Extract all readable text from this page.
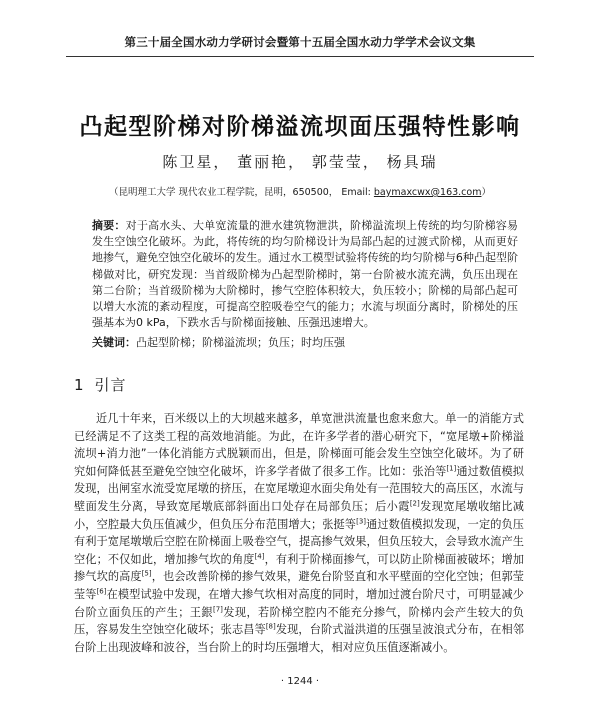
第三十届全国水动力学研讨会暨第十五届全国水动力学学术会议文集
凸起型阶梯对阶梯溢流坝面压强特性影响
陈卫星， 董丽艳， 郭莹莹， 杨具瑞
（昆明理工大学 现代农业工程学院，昆明，650500， Email: baymaxcwx@163.com）
摘要：对于高水头、大单宽流量的泄水建筑物泄洪，阶梯溢流坝上传统的均匀阶梯容易发生空蚀空化破坏。为此，将传统的均匀阶梯设计为局部凸起的过渡式阶梯，从而更好地掺气，避免空蚀空化破坏的发生。通过水工模型试验将传统的均匀阶梯与6种凸起型阶梯做对比，研究发现：当首级阶梯为凸起型阶梯时，第一台阶被水流充满，负压出现在第二台阶；当首级阶梯为大阶梯时，掺气空腔体积较大，负压较小；阶梯的局部凸起可以增大水流的紊动程度，可提高空腔吸卷空气的能力；水流与坝面分离时，阶梯处的压强基本为0 kPa，下跌水舌与阶梯面接触、压强迅速增大。
关键词：凸起型阶梯；阶梯溢流坝；负压；时均压强
1 引言
近几十年来，百米级以上的大坝越来越多，单宽泄洪流量也愈来愈大。单一的消能方式已经满足不了这类工程的高效地消能。为此，在许多学者的潜心研究下，“宽尾墩+阶梯溢流坝+消力池”一体化消能方式脱颖而出，但是，阶梯面可能会发生空蚀空化破坏。为了研究如何降低甚至避免空蚀空化破坏，许多学者做了很多工作。比如：张治等[1]通过数值模拟发现，出闸室水流受宽尾墩的挤压，在宽尾墩迎水面尖角处有一范围较大的高压区，水流与壁面发生分离，导致宽尾墩底部斜面出口处存在局部负压；后小霞[2]发现宽尾墩收缩比减小，空腔最大负压值减少，但负压分布范围增大；张挺等[3]通过数值模拟发现，一定的负压有利于宽尾墩墩后空腔在阶梯面上吸卷空气，提高掺气效果，但负压较大，会导致水流产生空化；不仅如此，增加掺气坎的角度[4]，有利于阶梯面掺气，可以防止阶梯面被破坏；增加掺气坎的高度[5]，也会改善阶梯的掺气效果，避免台阶竖直和水平壁面的空化空蚀；但郭莹莹等[6]在模型试验中发现，在增大掺气坎相对高度的同时，增加过渡台阶尺寸，可明显减少台阶立面负压的产生；王銀[7]发现，若阶梯空腔内不能充分掺气，阶梯内会产生较大的负压，容易发生空蚀空化破坏；张志昌等[8]发现，台阶式溢洪道的压强呈波浪式分布，在相邻台阶上出现波峰和波谷，当台阶上的时均压强增大，相对应负压值逐渐减小。
· 1244 ·
